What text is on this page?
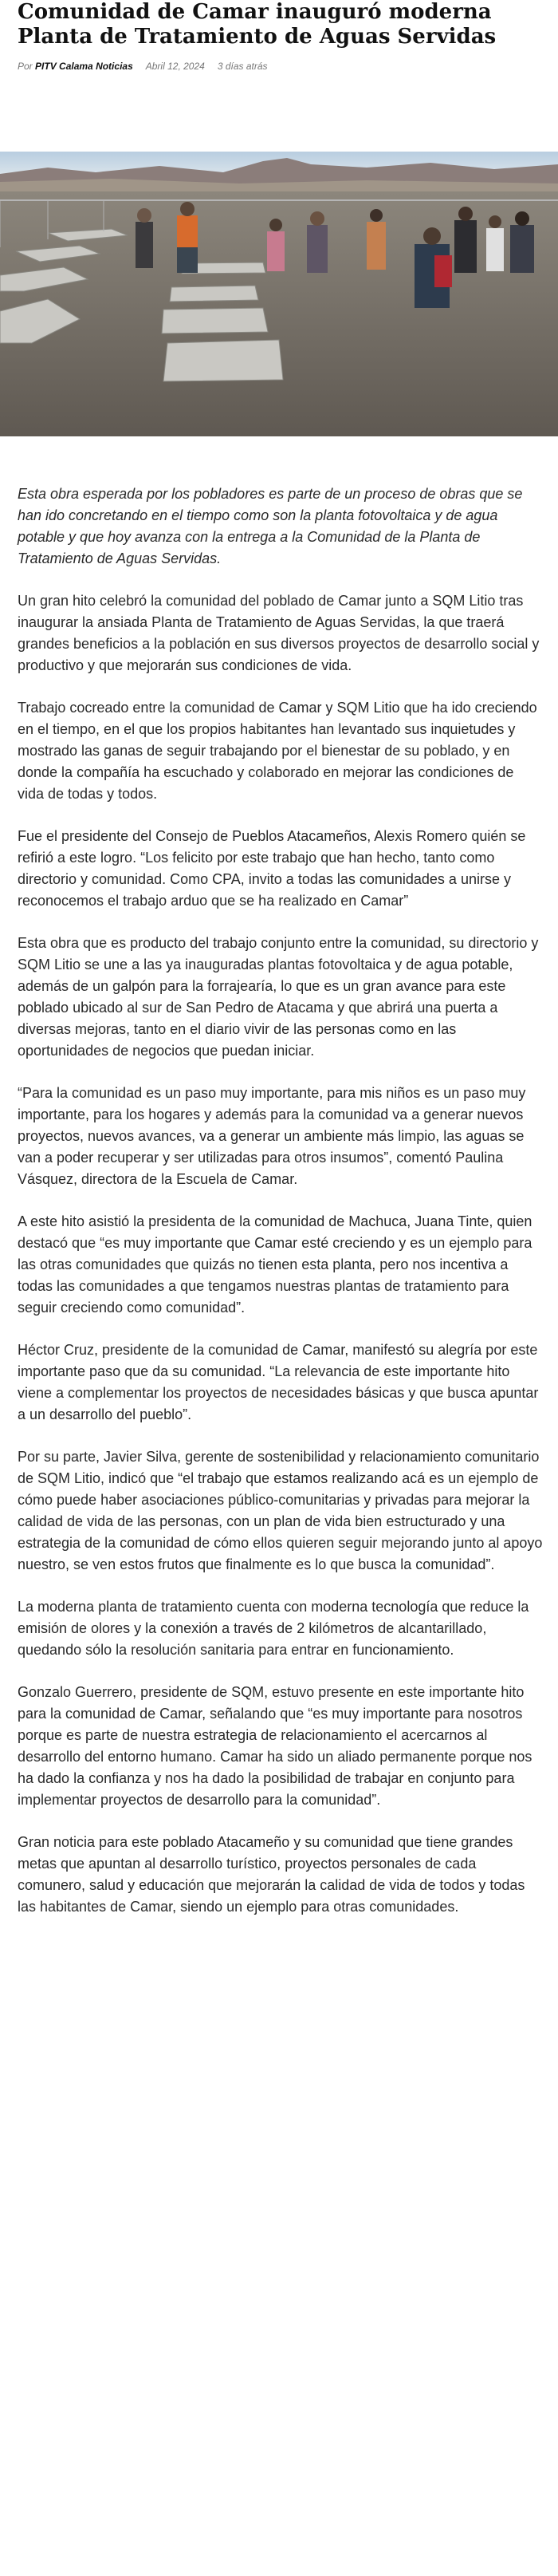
Comunidad de Camar inauguró moderna Planta de Tratamiento de Aguas Servidas
Por PITV Calama Noticias Abril 12, 2024 3 días atrás

Esta obra esperada por los pobladores es parte de un proceso de obras que se han ido concretando en el tiempo como son la planta fotovoltaica y de agua potable y que hoy avanza con la entrega a la Comunidad de la Planta de Tratamiento de Aguas Servidas.

Un gran hito celebró la comunidad del poblado de Camar junto a SQM Litio tras inaugurar la ansiada Planta de Tratamiento de Aguas Servidas, la que traerá grandes beneficios a la población en sus diversos proyectos de desarrollo social y productivo y que mejorarán sus condiciones de vida.

Trabajo cocreado entre la comunidad de Camar y SQM Litio que ha ido creciendo en el tiempo, en el que los propios habitantes han levantado sus inquietudes y mostrado las ganas de seguir trabajando por el bienestar de su poblado, y en donde la compañía ha escuchado y colaborado en mejorar las condiciones de vida de todas y todos.

Fue el presidente del Consejo de Pueblos Atacameños, Alexis Romero quién se refirió a este logro. “Los felicito por este trabajo que han hecho, tanto como directorio y comunidad. Como CPA, invito a todas las comunidades a unirse y reconocemos el trabajo arduo que se ha realizado en Camar”

Esta obra que es producto del trabajo conjunto entre la comunidad, su directorio y SQM Litio se une a las ya inauguradas plantas fotovoltaica y de agua potable, además de un galpón para la forrajearía, lo que es un gran avance para este poblado ubicado al sur de San Pedro de Atacama y que abrirá una puerta a diversas mejoras, tanto en el diario vivir de las personas como en las oportunidades de negocios que puedan iniciar.

“Para la comunidad es un paso muy importante, para mis niños es un paso muy importante, para los hogares y además para la comunidad va a generar nuevos proyectos, nuevos avances, va a generar un ambiente más limpio, las aguas se van a poder recuperar y ser utilizadas para otros insumos”, comentó Paulina Vásquez, directora de la Escuela de Camar.

A este hito asistió la presidenta de la comunidad de Machuca, Juana Tinte, quien destacó que “es muy importante que Camar esté creciendo y es un ejemplo para las otras comunidades que quizás no tienen esta planta, pero nos incentiva a todas las comunidades a que tengamos nuestras plantas de tratamiento para seguir creciendo como comunidad”.

Héctor Cruz, presidente de la comunidad de Camar, manifestó su alegría por este importante paso que da su comunidad. “La relevancia de este importante hito viene a complementar los proyectos de necesidades básicas y que busca apuntar a un desarrollo del pueblo”.

Por su parte, Javier Silva, gerente de sostenibilidad y relacionamiento comunitario de SQM Litio, indicó que “el trabajo que estamos realizando acá es un ejemplo de cómo puede haber asociaciones público-comunitarias y privadas para mejorar la calidad de vida de las personas, con un plan de vida bien estructurado y una estrategia de la comunidad de cómo ellos quieren seguir mejorando junto al apoyo nuestro, se ven estos frutos que finalmente es lo que busca la comunidad”.

La moderna planta de tratamiento cuenta con moderna tecnología que reduce la emisión de olores y la conexión a través de 2 kilómetros de alcantarillado, quedando sólo la resolución sanitaria para entrar en funcionamiento.

Gonzalo Guerrero, presidente de SQM, estuvo presente en este importante hito para la comunidad de Camar, señalando que “es muy importante para nosotros porque es parte de nuestra estrategia de relacionamiento el acercarnos al desarrollo del entorno humano. Camar ha sido un aliado permanente porque nos ha dado la confianza y nos ha dado la posibilidad de trabajar en conjunto para implementar proyectos de desarrollo para la comunidad”.

Gran noticia para este poblado Atacameño y su comunidad que tiene grandes metas que apuntan al desarrollo turístico, proyectos personales de cada comunero, salud y educación que mejorarán la calidad de vida de todos y todas las habitantes de Camar, siendo un ejemplo para otras comunidades.
